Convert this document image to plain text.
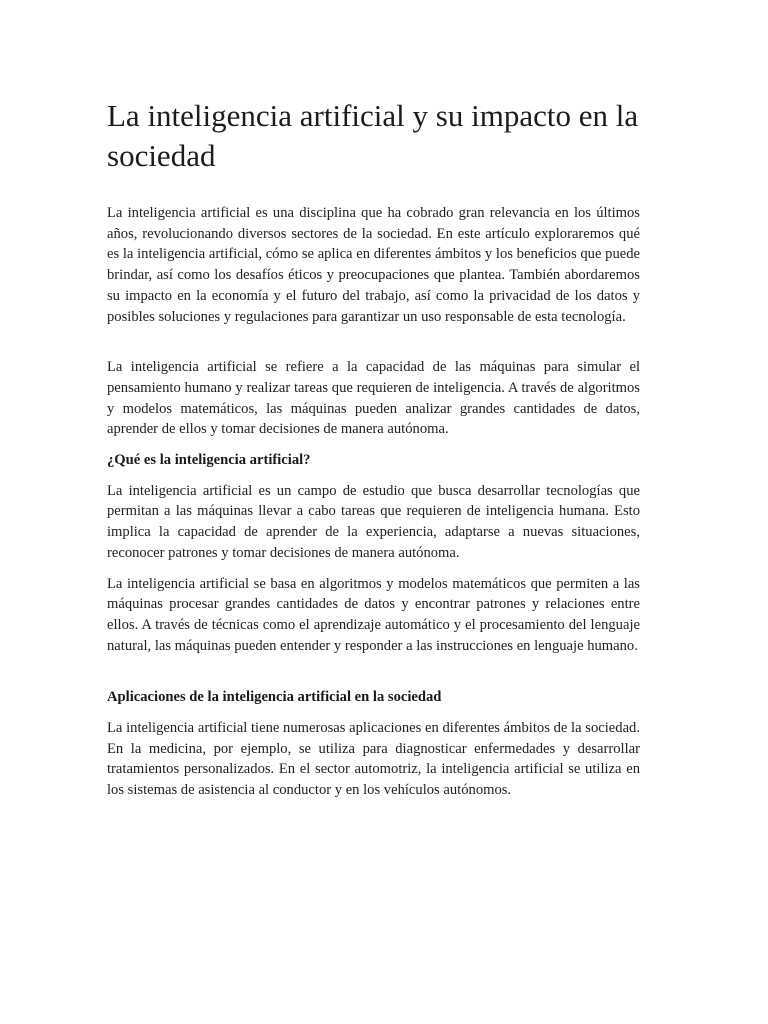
La inteligencia artificial y su impacto en la sociedad

La inteligencia artificial es una disciplina que ha cobrado gran relevancia en los últimos años, revolucionando diversos sectores de la sociedad. En este artículo exploraremos qué es la inteligencia artificial, cómo se aplica en diferentes ámbitos y los beneficios que puede brindar, así como los desafíos éticos y preocupaciones que plantea. También abordaremos su impacto en la economía y el futuro del trabajo, así como la privacidad de los datos y posibles soluciones y regulaciones para garantizar un uso responsable de esta tecnología.

La inteligencia artificial se refiere a la capacidad de las máquinas para simular el pensamiento humano y realizar tareas que requieren de inteligencia. A través de algoritmos y modelos matemáticos, las máquinas pueden analizar grandes cantidades de datos, aprender de ellos y tomar decisiones de manera autónoma.

¿Qué es la inteligencia artificial?

La inteligencia artificial es un campo de estudio que busca desarrollar tecnologías que permitan a las máquinas llevar a cabo tareas que requieren de inteligencia humana. Esto implica la capacidad de aprender de la experiencia, adaptarse a nuevas situaciones, reconocer patrones y tomar decisiones de manera autónoma.

La inteligencia artificial se basa en algoritmos y modelos matemáticos que permiten a las máquinas procesar grandes cantidades de datos y encontrar patrones y relaciones entre ellos. A través de técnicas como el aprendizaje automático y el procesamiento del lenguaje natural, las máquinas pueden entender y responder a las instrucciones en lenguaje humano.

Aplicaciones de la inteligencia artificial en la sociedad

La inteligencia artificial tiene numerosas aplicaciones en diferentes ámbitos de la sociedad. En la medicina, por ejemplo, se utiliza para diagnosticar enfermedades y desarrollar tratamientos personalizados. En el sector automotriz, la inteligencia artificial se utiliza en los sistemas de asistencia al conductor y en los vehículos autónomos.
